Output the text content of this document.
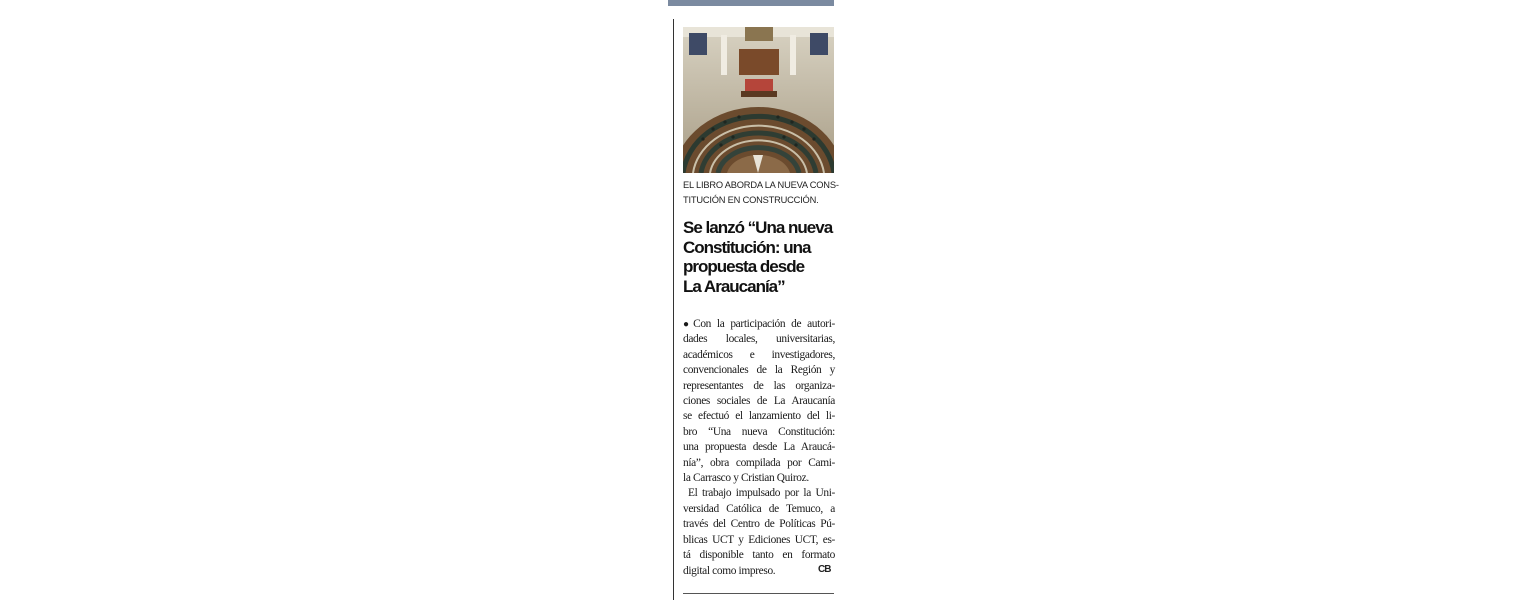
EL LIBRO ABORDA LA NUEVA CONS-
TITUCIÓN EN CONSTRUCCIÓN.
Se lanzó “Una nueva
Constitución: una
propuesta desde
La Araucanía”
●Con la participación de autori-
dades locales, universitarias,
académicos e investigadores,
convencionales de la Región y
representantes de las organiza-
ciones sociales de La Araucanía
se efectuó el lanzamiento del li-
bro “Una nueva Constitución:
una propuesta desde La Araucá-
nía”, obra compilada por Cami-
la Carrasco y Cristian Quiroz.
El trabajo impulsado por la Uni-
versidad Católica de Temuco, a
través del Centro de Políticas Pú-
blicas UCT y Ediciones UCT, es-
tá disponible tanto en formato
digital como impreso.	CB
